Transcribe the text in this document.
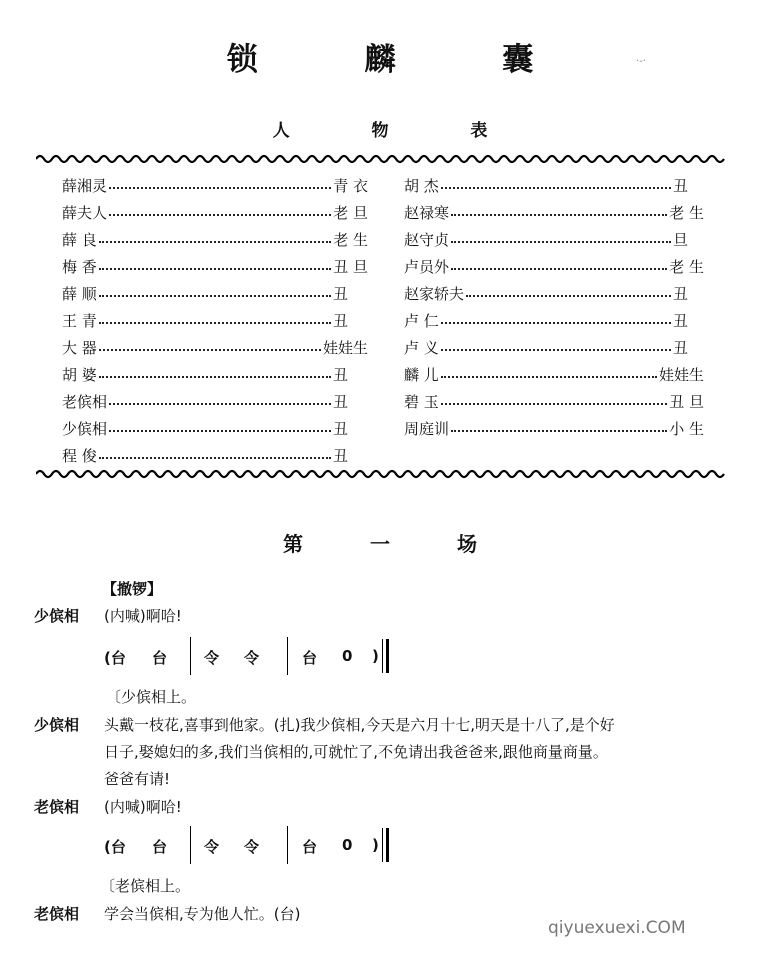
锁 麟 囊	·-·
人 物 表
薛湘灵	青 衣
薛夫人	老 旦
薛 良	老 生
梅 香	丑 旦
薛 顺	丑
王 青	丑
大 器	娃娃生
胡 婆	丑
老傧相	丑
少傧相	丑
程 俊	丑
胡 杰	丑
赵禄寒	老 生
赵守贞	旦
卢员外	老 生
赵家轿夫	丑
卢 仁	丑
卢 义	丑
麟 儿	娃娃生
碧 玉	丑 旦
周庭训	小 生
第 一 场
【撤锣】
少傧相 (内喊)啊哈!
(台 台 令 令	台 0 )
〔少傧相上。
少傧相 头戴一枝花,喜事到他家。(扎)我少傧相,今天是六月十七,明天是十八了,是个好
日子,娶媳妇的多,我们当傧相的,可就忙了,不免请出我爸爸来,跟他商量商量。
爸爸有请!
老傧相 (内喊)啊哈!
(台 台 令 令	台 0 )
〔老傧相上。
老傧相 学会当傧相,专为他人忙。(台)
qiyuexuexi.COM
